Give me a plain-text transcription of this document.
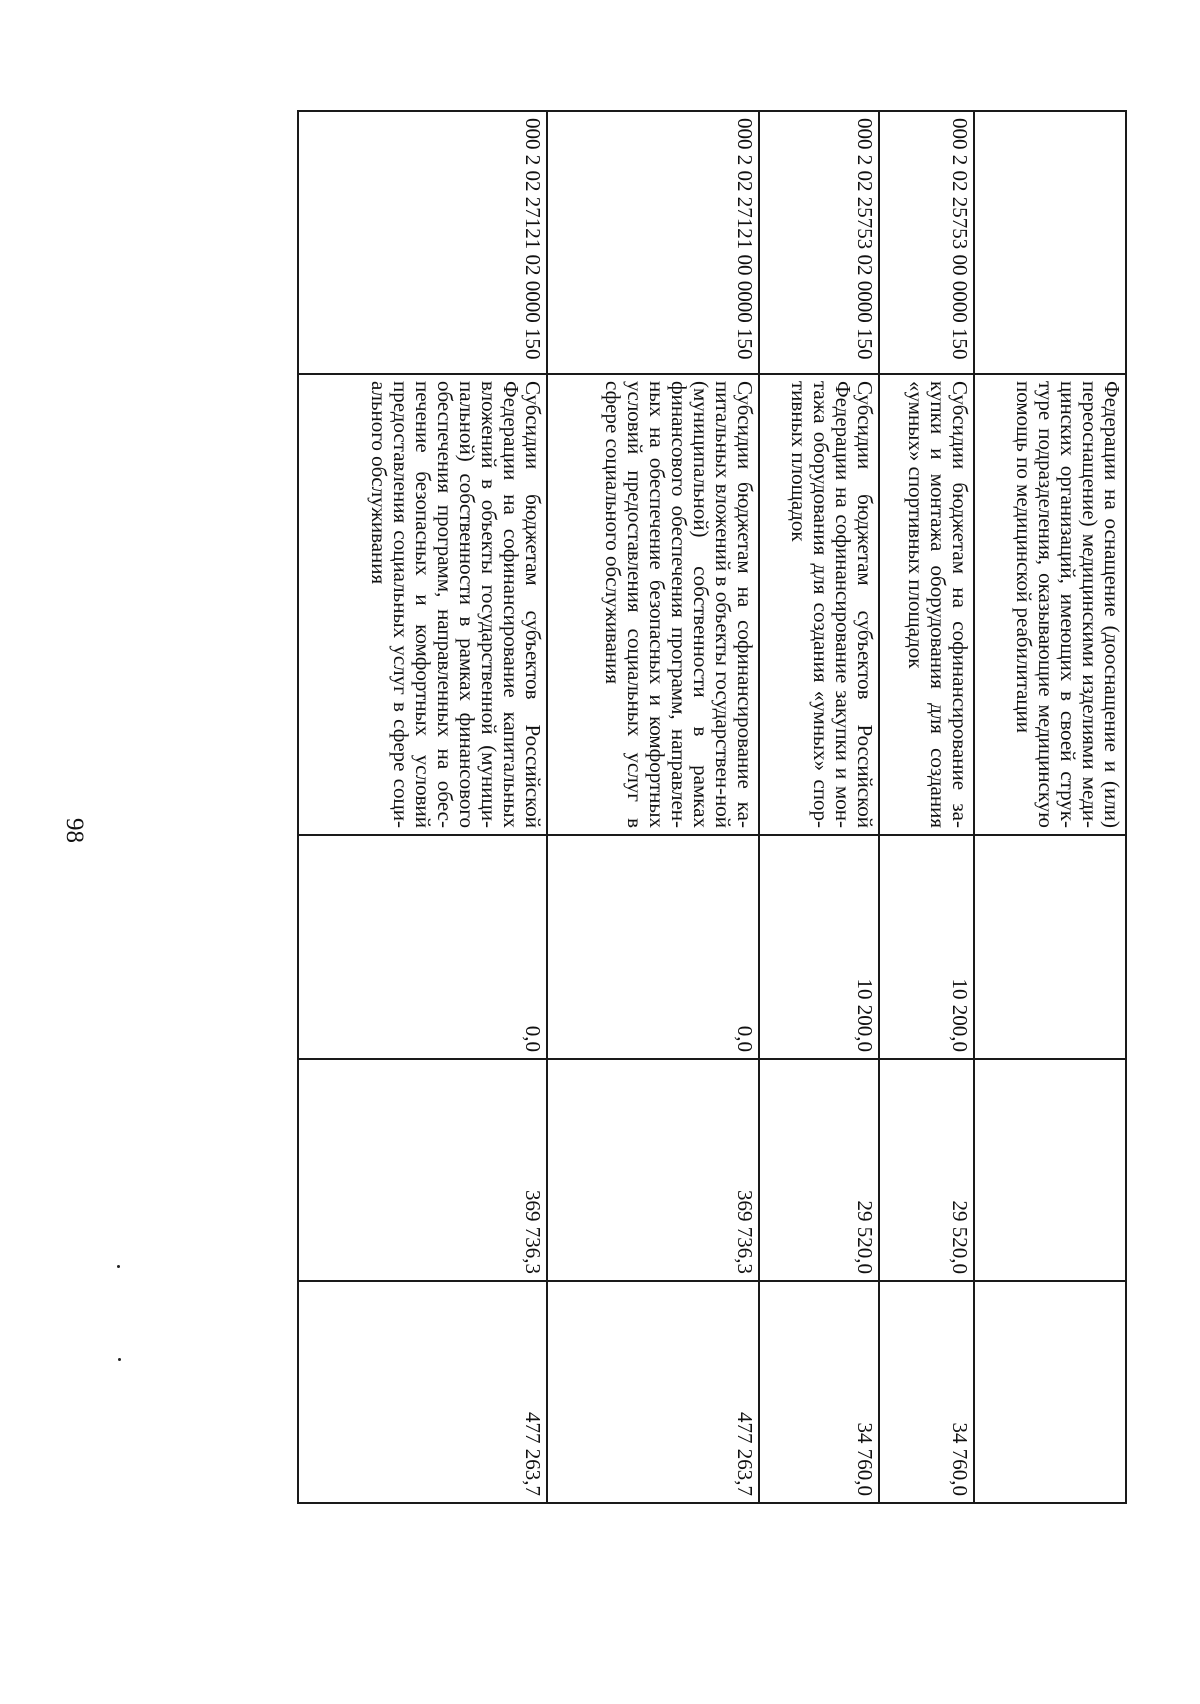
98
	Федерации на оснащение (дооснащение и (или) переоснащение) медицинскими изделиями меди-цинских организаций, имеющих в своей струк-туре подразделения, оказывающие медицинскую помощь по медицинской реабилитации			
000 2 02 25753 00 0000 150	Субсидии бюджетам на софинансирование за-купки и монтажа оборудования для создания «умных» спортивных площадок	10 200,0	29 520,0	34 760,0
000 2 02 25753 02 0000 150	Субсидии бюджетам субъектов Российской Федерации на софинансирование закупки и мон-тажа оборудования для создания «умных» спор-тивных площадок	10 200,0	29 520,0	34 760,0
000 2 02 27121 00 0000 150	Субсидии бюджетам на софинансирование ка-питальных вложений в объекты государствен-ной (муниципальной) собственности в рамках финансового обеспечения программ, направлен-ных на обеспечение безопасных и комфортных условий предоставления социальных услуг в сфере социального обслуживания	0,0	369 736,3	477 263,7
000 2 02 27121 02 0000 150	Субсидии бюджетам субъектов Российской Федерации на софинансирование капитальных вложений в объекты государственной (муници-пальной) собственности в рамках финансового обеспечения программ, направленных на обес-печение безопасных и комфортных условий предоставления социальных услуг в сфере соци-ального обслуживания	0,0	369 736,3	477 263,7
